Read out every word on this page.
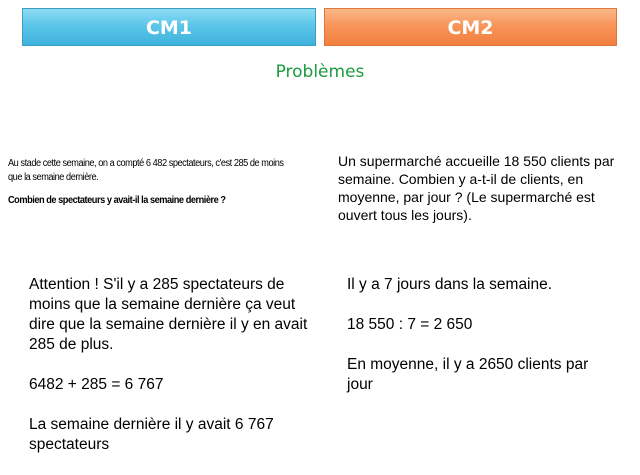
CM1	CM2
Problèmes
Au stade cette semaine, on a compté 6 482 spectateurs, c'est 285 de moins que la semaine dernière.
Combien de spectateurs y avait-il la semaine dernière ?
Un supermarché accueille 18 550 clients par semaine. Combien y a-t-il de clients, en moyenne, par jour ? (Le supermarché est ouvert tous les jours).

Attention ! S'il y a 285 spectateurs de moins que la semaine dernière ça veut dire que la semaine dernière il y en avait 285 de plus.

6482 + 285 = 6 767

La semaine dernière il y avait 6 767 spectateurs

Il y a 7 jours dans la semaine.

18 550 : 7 = 2 650

En moyenne, il y a 2650 clients par jour
